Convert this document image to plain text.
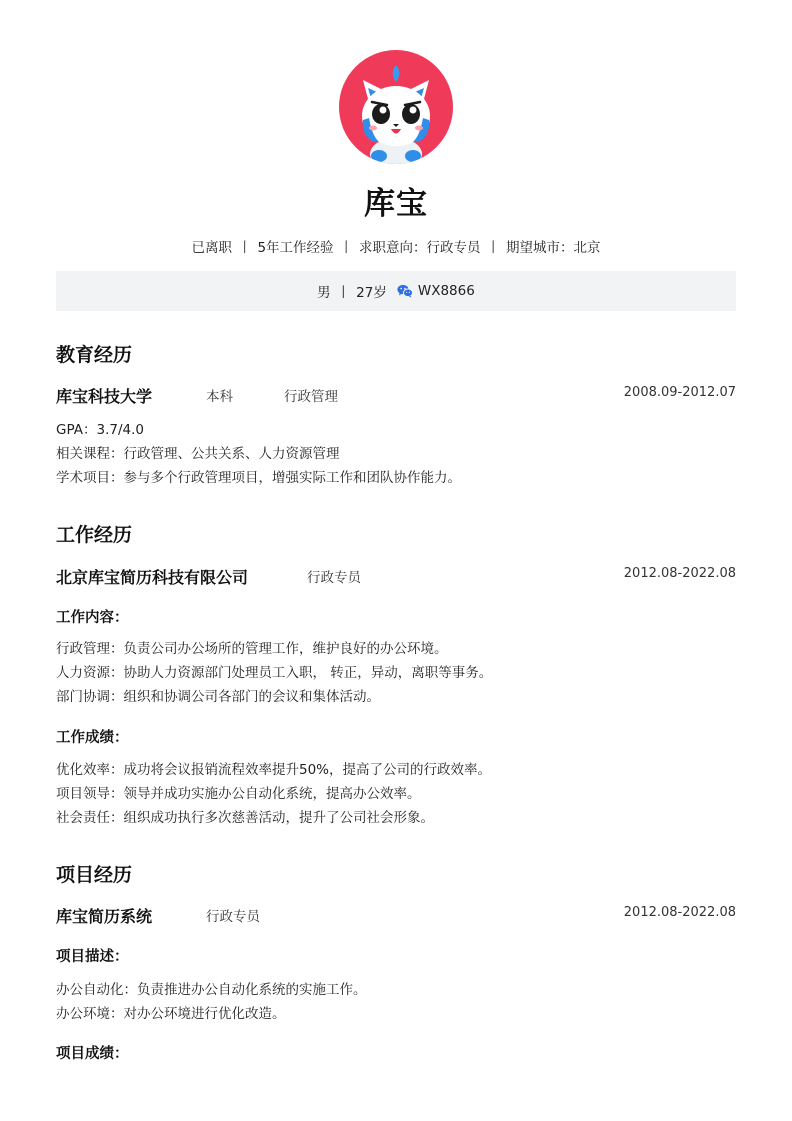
库宝
已离职 丨 5年工作经验 丨 求职意向：行政专员 丨 期望城市：北京
男 丨 27岁 WX8866
教育经历
库宝科技大学	本科	行政管理	2008.09-2012.07
GPA：3.7/4.0
相关课程：行政管理、公共关系、人力资源管理
学术项目：参与多个行政管理项目，增强实际工作和团队协作能力。
工作经历
北京库宝简历科技有限公司	行政专员	2012.08-2022.08
工作内容：
行政管理：负责公司办公场所的管理工作，维护良好的办公环境。
人力资源：协助人力资源部门处理员工入职， 转正，异动，离职等事务。
部门协调：组织和协调公司各部门的会议和集体活动。
工作成绩：
优化效率：成功将会议报销流程效率提升50%，提高了公司的行政效率。
项目领导：领导并成功实施办公自动化系统，提高办公效率。
社会责任：组织成功执行多次慈善活动，提升了公司社会形象。
项目经历
库宝简历系统	行政专员	2012.08-2022.08
项目描述：
办公自动化：负责推进办公自动化系统的实施工作。
办公环境：对办公环境进行优化改造。
项目成绩：
